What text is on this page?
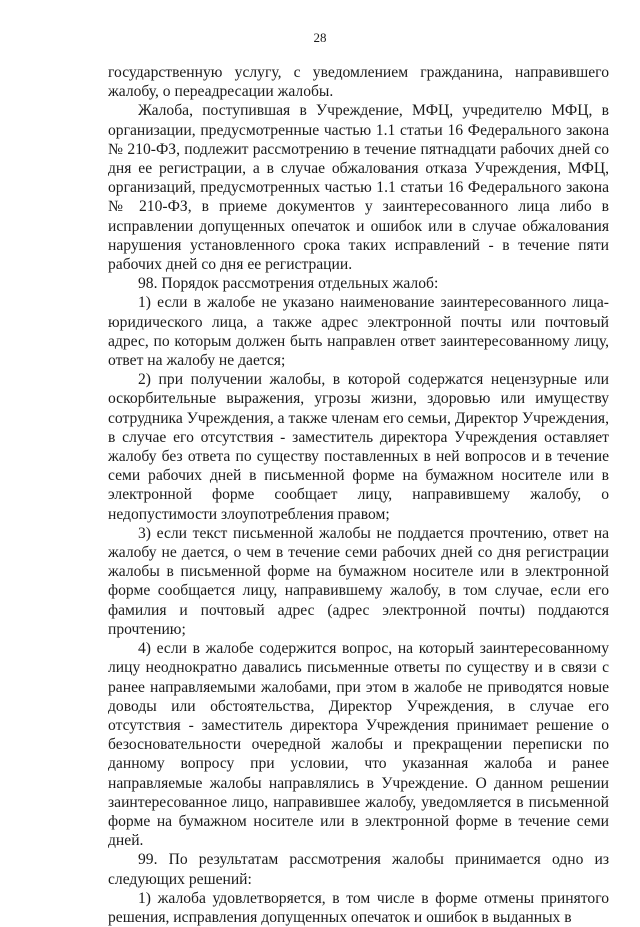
28

государственную услугу, с уведомлением гражданина, направившего жалобу, о переадресации жалобы.

Жалоба, поступившая в Учреждение, МФЦ, учредителю МФЦ, в организации, предусмотренные частью 1.1 статьи 16 Федерального закона № 210-ФЗ, подлежит рассмотрению в течение пятнадцати рабочих дней со дня ее регистрации, а в случае обжалования отказа Учреждения, МФЦ, организаций, предусмотренных частью 1.1 статьи 16 Федерального закона № 210-ФЗ, в приеме документов у заинтересованного лица либо в исправлении допущенных опечаток и ошибок или в случае обжалования нарушения установленного срока таких исправлений - в течение пяти рабочих дней со дня ее регистрации.

98. Порядок рассмотрения отдельных жалоб:

1) если в жалобе не указано наименование заинтересованного лица-юридического лица, а также адрес электронной почты или почтовый адрес, по которым должен быть направлен ответ заинтересованному лицу, ответ на жалобу не дается;

2) при получении жалобы, в которой содержатся нецензурные или оскорбительные выражения, угрозы жизни, здоровью или имуществу сотрудника Учреждения, а также членам его семьи, Директор Учреждения, в случае его отсутствия - заместитель директора Учреждения оставляет жалобу без ответа по существу поставленных в ней вопросов и в течение семи рабочих дней в письменной форме на бумажном носителе или в электронной форме сообщает лицу, направившему жалобу, о недопустимости злоупотребления правом;

3) если текст письменной жалобы не поддается прочтению, ответ на жалобу не дается, о чем в течение семи рабочих дней со дня регистрации жалобы в письменной форме на бумажном носителе или в электронной форме сообщается лицу, направившему жалобу, в том случае, если его фамилия и почтовый адрес (адрес электронной почты) поддаются прочтению;

4) если в жалобе содержится вопрос, на который заинтересованному лицу неоднократно давались письменные ответы по существу и в связи с ранее направляемыми жалобами, при этом в жалобе не приводятся новые доводы или обстоятельства, Директор Учреждения, в случае его отсутствия - заместитель директора Учреждения принимает решение о безосновательности очередной жалобы и прекращении переписки по данному вопросу при условии, что указанная жалоба и ранее направляемые жалобы направлялись в Учреждение. О данном решении заинтересованное лицо, направившее жалобу, уведомляется в письменной форме на бумажном носителе или в электронной форме в течение семи дней.

99. По результатам рассмотрения жалобы принимается одно из следующих решений:

1) жалоба удовлетворяется, в том числе в форме отмены принятого решения, исправления допущенных опечаток и ошибок в выданных в
